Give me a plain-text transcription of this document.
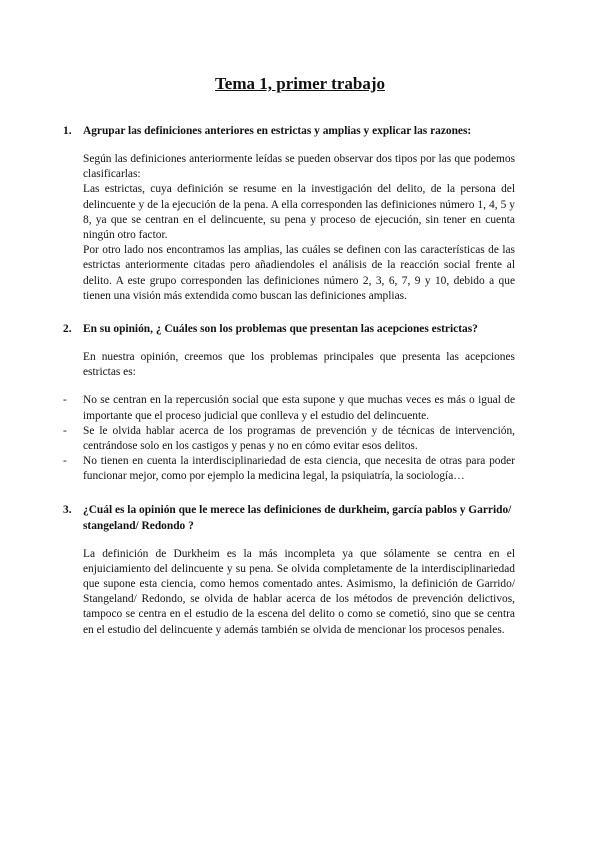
Tema 1, primer trabajo
1.	Agrupar las definiciones anteriores en estrictas y amplias y explicar las razones:

Según las definiciones anteriormente leídas se pueden observar dos tipos por las que podemos clasificarlas:

Las estrictas, cuya definición se resume en la investigación del delito, de la persona del delincuente y de la ejecución de la pena. A ella corresponden las definiciones número 1, 4, 5 y 8, ya que se centran en el delincuente, su pena y proceso de ejecución, sin tener en cuenta ningún otro factor.

Por otro lado nos encontramos las amplias, las cuáles se definen con las características de las estrictas anteriormente citadas pero añadiendoles el análisis de la reacción social frente al delito. A este grupo corresponden las definiciones número 2, 3, 6, 7, 9 y 10, debido a que tienen una visión más extendida como buscan las definiciones amplias.

2.	En su opinión, ¿ Cuáles son los problemas que presentan las acepciones estrictas?

En nuestra opinión, creemos que los problemas principales que presenta las acepciones estrictas es:

-	No se centran en la repercusión social que esta supone y que muchas veces es más o igual de importante que el proceso judicial que conlleva y el estudio del delincuente.
-	Se le olvida hablar acerca de los programas de prevención y de técnicas de intervención, centrándose solo en los castigos y penas y no en cómo evitar esos delitos.
-	No tienen en cuenta la interdisciplinariedad de esta ciencia, que necesita de otras para poder funcionar mejor, como por ejemplo la medicina legal, la psiquiatría, la sociología…
3.	¿Cuál es la opinión que le merece las definiciones de durkheim, garcía pablos y Garrido/ stangeland/ Redondo ?

La definición de Durkheim es la más incompleta ya que sólamente se centra en el enjuiciamiento del delincuente y su pena. Se olvida completamente de la interdisciplinariedad que supone esta ciencia, como hemos comentado antes. Asimismo, la definición de Garrido/ Stangeland/ Redondo, se olvida de hablar acerca de los métodos de prevención delictivos, tampoco se centra en el estudio de la escena del delito o como se cometió, sino que se centra en el estudio del delincuente y además también se olvida de mencionar los procesos penales.
